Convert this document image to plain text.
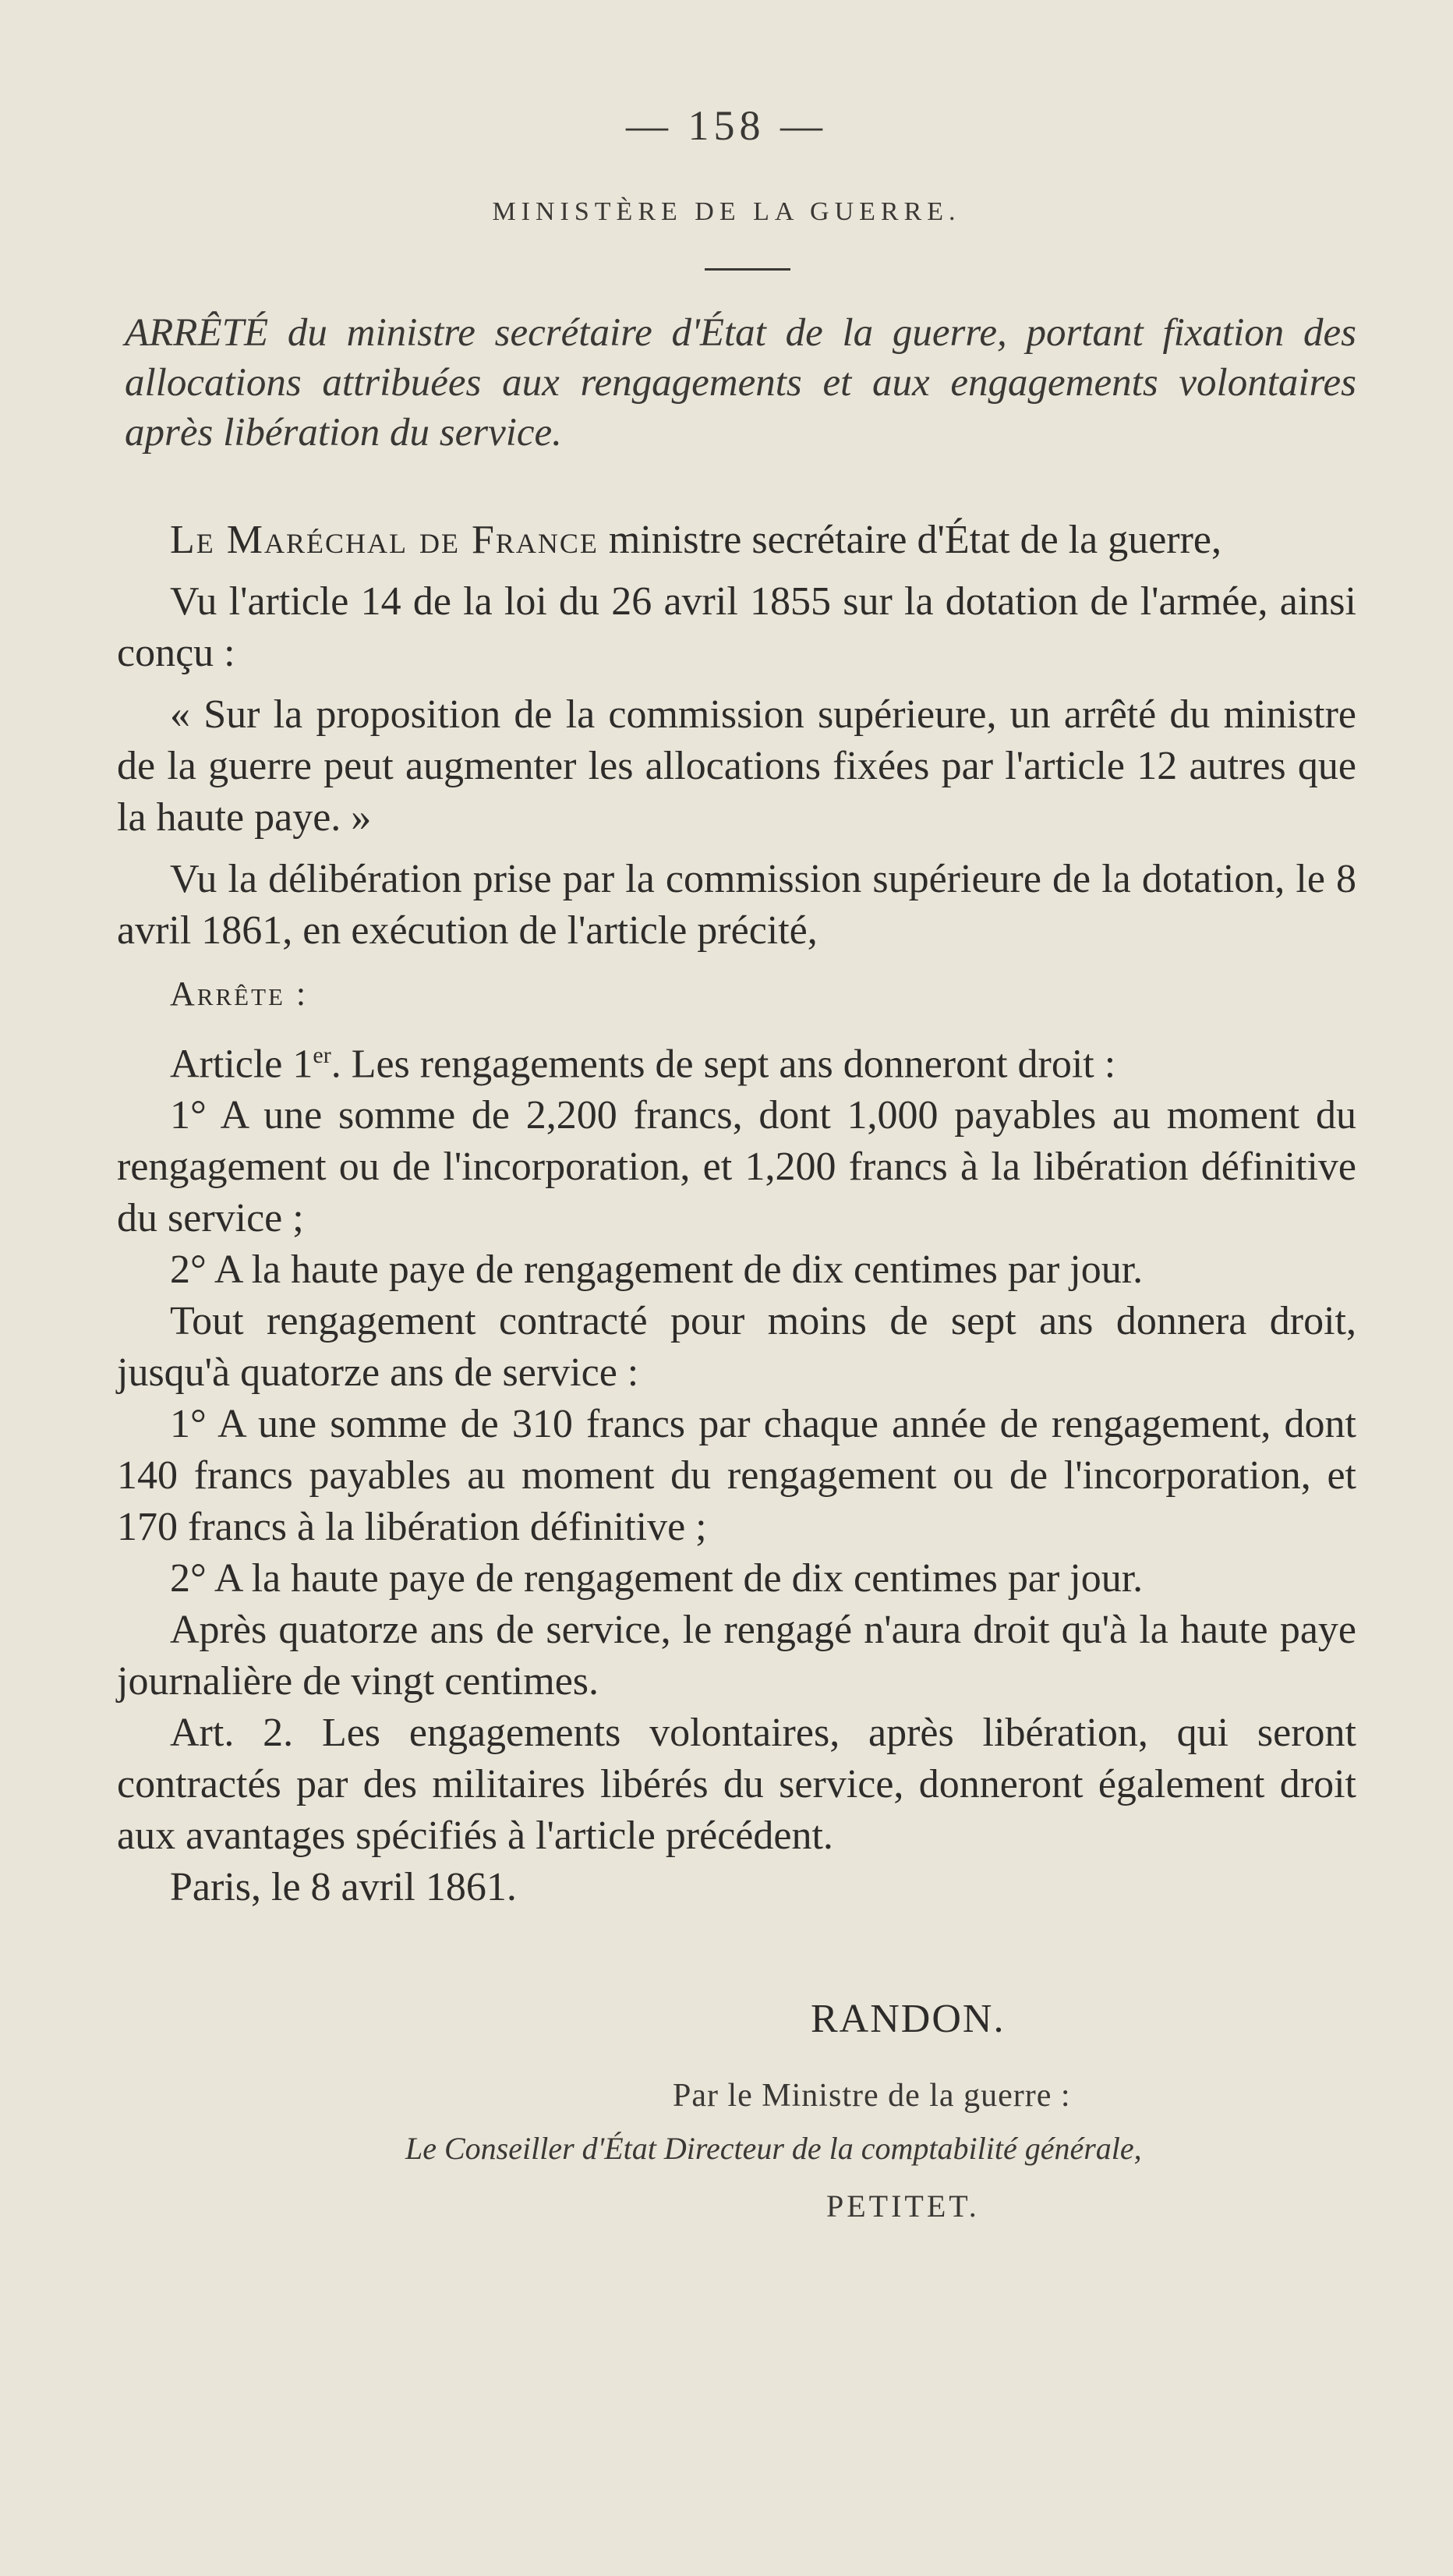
— 158 —
MINISTÈRE DE LA GUERRE.
ARRÊTÉ du ministre secrétaire d'État de la guerre, portant fixation des allocations attribuées aux rengagements et aux engagements volontaires après libération du service.

Le Maréchal de France ministre secrétaire d'État de la guerre,

Vu l'article 14 de la loi du 26 avril 1855 sur la dotation de l'armée, ainsi conçu :

« Sur la proposition de la commission supérieure, un arrêté du ministre de la guerre peut augmenter les allocations fixées par l'article 12 autres que la haute paye. »

Vu la délibération prise par la commission supérieure de la dotation, le 8 avril 1861, en exécution de l'article précité,

Arrête :

Article 1er. Les rengagements de sept ans donneront droit :

1° A une somme de 2,200 francs, dont 1,000 payables au moment du rengagement ou de l'incorporation, et 1,200 francs à la libération définitive du service ;

2° A la haute paye de rengagement de dix centimes par jour.

Tout rengagement contracté pour moins de sept ans donnera droit, jusqu'à quatorze ans de service :

1° A une somme de 310 francs par chaque année de rengagement, dont 140 francs payables au moment du rengagement ou de l'incorporation, et 170 francs à la libération définitive ;

2° A la haute paye de rengagement de dix centimes par jour.

Après quatorze ans de service, le rengagé n'aura droit qu'à la haute paye journalière de vingt centimes.

Art. 2. Les engagements volontaires, après libération, qui seront contractés par des militaires libérés du service, donneront également droit aux avantages spécifiés à l'article précédent.

Paris, le 8 avril 1861.

RANDON.
Par le Ministre de la guerre :
Le Conseiller d'État Directeur de la comptabilité générale,
PETITET.
